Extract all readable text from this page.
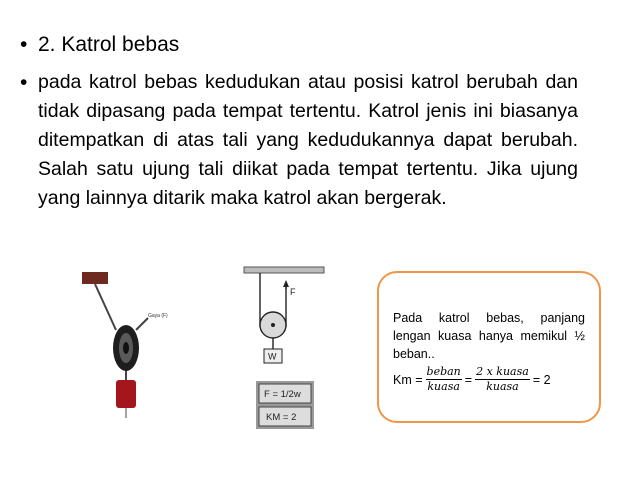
• 2. Katrol bebas
• pada katrol bebas kedudukan atau posisi katrol berubah dan tidak dipasang pada tempat tertentu. Katrol jenis ini biasanya ditempatkan di atas tali yang kedudukannya dapat berubah. Salah satu ujung tali diikat pada tempat tertentu. Jika ujung yang lainnya ditarik maka katrol akan bergerak.
Gaya (F)
F
W
F = 1/2w
KM = 2
Pada katrol bebas, panjang lengan kuasa hanya memikul ½ beban..
$Km = \frac{\text{beban}}{\text{kuasa}} = \frac{\text{2 x kuasa}}{\text{kuasa}} = 2$
